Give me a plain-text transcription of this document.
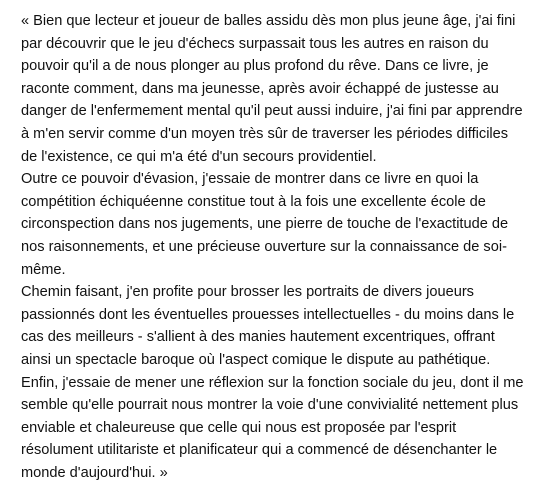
« Bien que lecteur et joueur de balles assidu dès mon plus jeune âge, j'ai fini
par découvrir que le jeu d'échecs surpassait tous les autres en raison du
pouvoir qu'il a de nous plonger au plus profond du rêve. Dans ce livre, je
raconte comment, dans ma jeunesse, après avoir échappé de justesse au
danger de l'enfermement mental qu'il peut aussi induire, j'ai fini par apprendre
à m'en servir comme d'un moyen très sûr de traverser les périodes difficiles
de l'existence, ce qui m'a été d'un secours providentiel.
Outre ce pouvoir d'évasion, j'essaie de montrer dans ce livre en quoi la
compétition échiquéenne constitue tout à la fois une excellente école de
circonspection dans nos jugements, une pierre de touche de l'exactitude de
nos raisonnements, et une précieuse ouverture sur la connaissance de soi-
même.
Chemin faisant, j'en profite pour brosser les portraits de divers joueurs
passionnés dont les éventuelles prouesses intellectuelles - du moins dans le
cas des meilleurs - s'allient à des manies hautement excentriques, offrant
ainsi un spectacle baroque où l'aspect comique le dispute au pathétique.
Enfin, j'essaie de mener une réflexion sur la fonction sociale du jeu, dont il me
semble qu'elle pourrait nous montrer la voie d'une convivialité nettement plus
enviable et chaleureuse que celle qui nous est proposée par l'esprit
résolument utilitariste et planificateur qui a commencé de désenchanter le
monde d'aujourd'hui. »
